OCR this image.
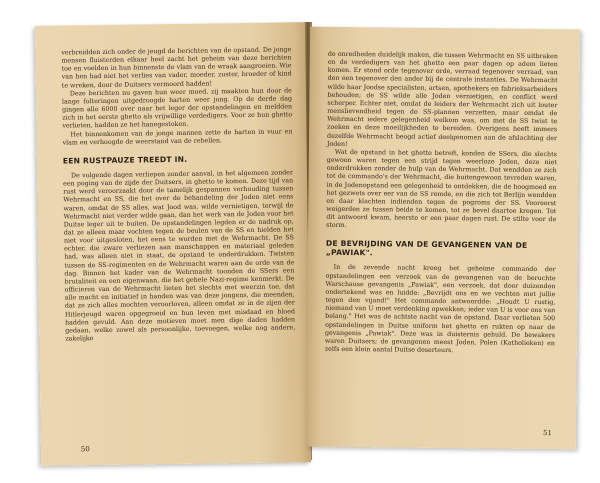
verbreidden zich onder de jeugd de berichten van de opstand. De jonge mensen fluisterden elkaar heel zacht het geheim van deze berichten toe en voelden in hun binnenste de vlam van de wraak aangroeien. Wie van hen had niet het verlies van vader, moeder, zuster, broeder of kind te wreken, door de Duitsers vermoord hadden!

Deze berichten nu gaven hun weer moed, zij maakten hun door de lange folteringen uitgedroogde harten weer jong. Op de derde dag gingen alle 6000 over naar het leger der opstandelingen en meldden zich in het eerste ghetto als vrijwillige verdedigers. Voor ze hun ghetto verlieten, hadden ze het hanegestoken.

Het binnenkomen van de jonge mannen zette de harten in vuur en vlam en verhoogde de weerstand van de rebellen.

EEN RUSTPAUZE TREEDT IN.

De volgende dagen verliepen zonder aanval, in het algemeen zonder een poging van de zijde der Duitsers, in ghetto te komen. Deze tijd van rust werd veroorzaakt door de tamelijk gespannen verhouding tussen Wehrmacht en SS, die het over de behandeling der Joden niet eens waren, omdat de SS alles, wat Jood was, wilde vernietigen, terwijl de Wehrmacht niet verder wilde gaan, dan het werk van de Joden voor het Duitse leger uit te buiten. De opstandelingen legden er de nadruk op, dat ze alleen maar vochten tegen de beulen van de SS en hielden het niet voor uitgesloten, het eens te worden met de Wehrmacht. De SS echter, die zware verliezen aan manschappen en materiaal geleden had, was alleen niet in staat, de opstand te onderdrukken. Twisten tussen de SS-regimenten en de Wehrmacht waren aan de orde van de dag. Binnen het kader van de Wehrmacht toonden de SSers een brutaliteit en een eigenwaan, die het gehele Nazi-regime kenmerkt. De officieren van de Wehrmacht lieten het slechts met weerzin toe, dat alle macht en initiatief in handen was van deze jongens, die meenden, dat ze zich alles mochten veroorloven, alleen omdat ze in de zijen der Hitlerjeugd waren opgegroeid en hun leven met misdaad en bloed hadden gevuld. Aan deze motieven moet men dige daden hadden gedaan, welke zowel als persoonlijke, toevoegen, welke nog andere, zakelijke

50

de onredheden duidelijk maken, die tussen Wehrmacht en SS uitbraken en de verdedigers van het ghetto een paar dagen op adem lieten komen. Er stond orde tegenover orde, verraad tegenover verraad, van den een tegenover den ander bij de centrale instanties. De Wehrmacht wilde haar Joodse specialisten, artsen, apothekers en fabrieksarbeiders behouden; de SS wilde alle Joden vernietigen, en conflict werd scherper. Echter niet, omdat de leiders der Wehrmacht zich uit louter menslievendheid tegen de SS-plannen verzetten, maar omdat de Wehrmacht iedere gelegenheid welkom was, om met de SS twist te zoeken en deze moeilijkheden te bereiden. Overigens heeft immers dezelfde Wehrmacht beogd actief deelgenomen aan de afslachting der Joden!

Wat de opstand in het ghetto betreft, konden de SSers, die slechts gewoon waren tegen een strijd tegen weerloze Joden, deze niet onderdrukken zonder de hulp van de Wehrmacht. Dat wendden ze zich tot de commando's der Wehrmacht, die buitengewoon tevreden waren, in de Jodenopstand een gelegenheid te ontdekken, die de hoogmoed en het gezwets over eer van de SS remde, en die zich tot Berlijn wendden en daar klachten indienden tegen de pogroms der SS. Vooreerst weigerden ze tussen beide te komen, tot ze bevel daartoe kregen. Tot dit antwoord kwam, heerste er een paar dagen rust. De stilte voor de storm.

DE BEVRIJDING VAN DE GEVANGENEN VAN DE „PAWIAK".

In de zevende nacht kreeg het geheime commando der opstandelingen een verzoek van de gevangenen van de beruchte Warschause gevangenis „Pawiak", een verzoek, dat door duizenden ondertekend was en luidde: „Bevrijdt ons en we vechten met jullie tegen den vijand!" Het commando antwoordde: „Houdt U rustig, niemand van U moet verdenking opwekken; ieder van U is voor ons van belang." Het was de achtste nacht van de opstand. Daar verlieten 500 opstandelingen in Duitse uniform het ghetto en rukten op naar de gevangenis „Pawiak". Deze was in duisternis gehuld. De bewakers waren Duitsers; de gevangenen meest Joden, Polen (Katholieken) en zelfs een klein aantal Duitse deserteurs.

51
